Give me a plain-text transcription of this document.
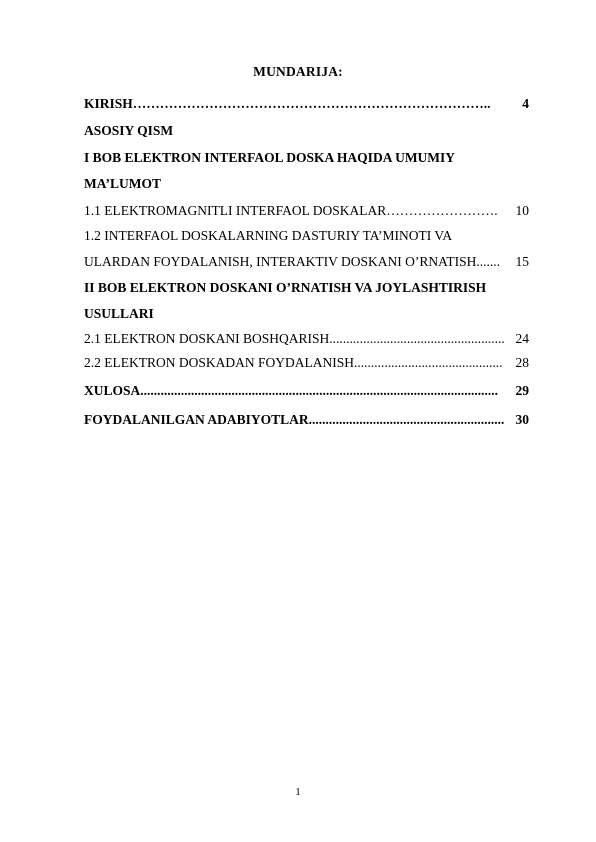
MUNDARIJA:
KIRISH ……………………………………………………………………..	4
ASOSIY QISM
I BOB ELEKTRON INTERFAOL DOSKA HAQIDA UMUMIY
MA’LUMOT
1.1 ELEKTROMAGNITLI INTERFAOL DOSKALAR …………………….	10
1.2 INTERFAOL DOSKALARNING DASTURIY TA’MINOTI VA
ULARDAN FOYDALANISH, INTERAKTIV DOSKANI O’RNATISH .......	15
II BOB ELEKTRON DOSKANI O’RNATISH VA JOYLASHTIRISH
USULLARI
2.1 ELEKTRON DOSKANI BOSHQARISH .................................................... 24
2.2 ELEKTRON DOSKADAN FOYDALANISH ............................................ 28
XULOSA ..........................................................................................................	29
FOYDALANILGAN ADABIYOTLAR .......................................................... 30
1
